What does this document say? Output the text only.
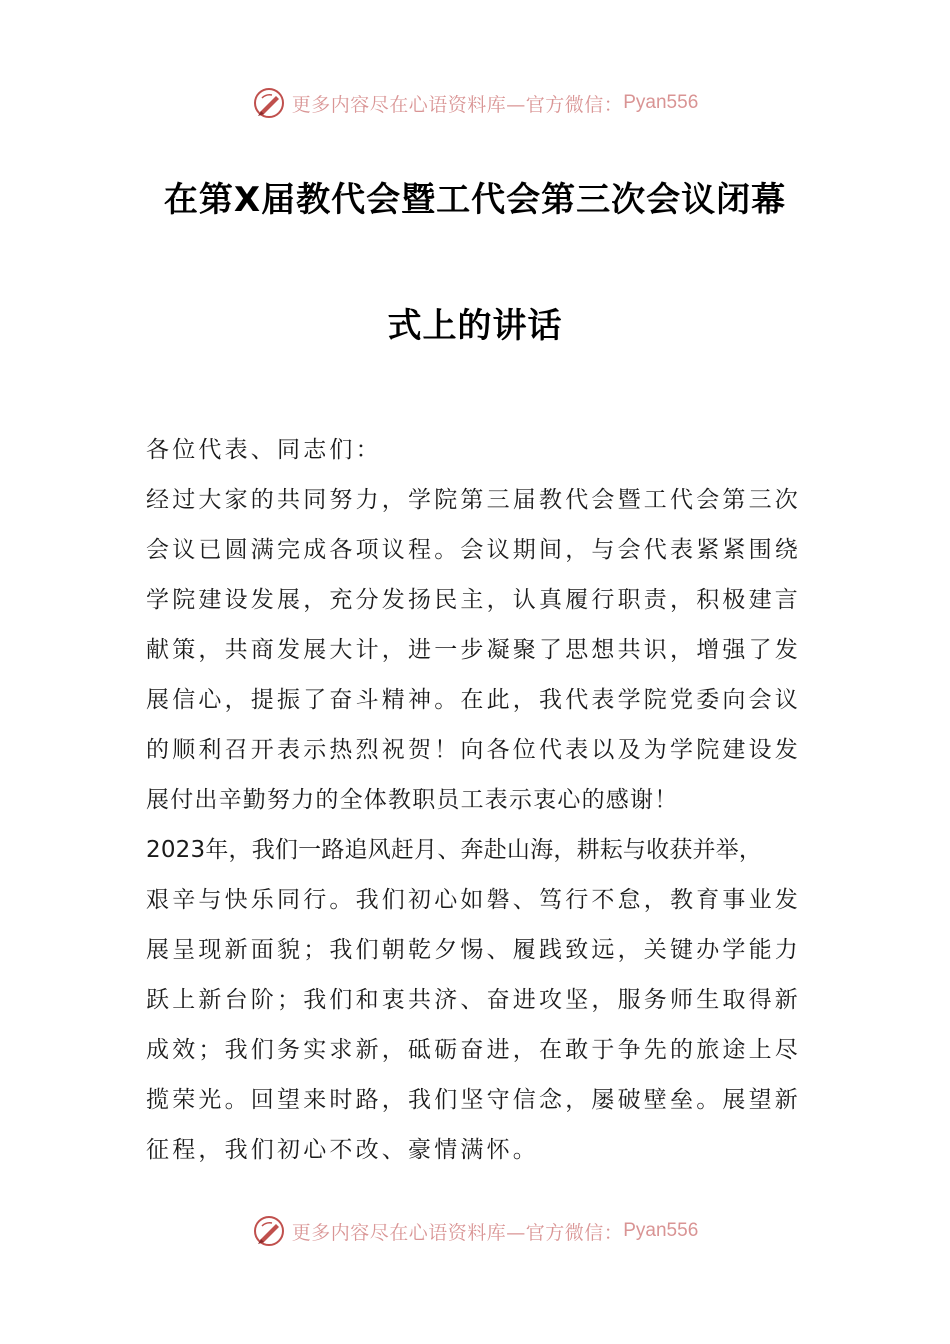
更多内容尽在心语资料库—官方微信： Pyan556
在第X届教代会暨工代会第三次会议闭幕
式上的讲话
各位代表、同志们：
经过大家的共同努力，学院第三届教代会暨工代会第三次
会议已圆满完成各项议程。会议期间，与会代表紧紧围绕
学院建设发展，充分发扬民主，认真履行职责，积极建言
献策，共商发展大计，进一步凝聚了思想共识，增强了发
展信心，提振了奋斗精神。在此，我代表学院党委向会议
的顺利召开表示热烈祝贺！向各位代表以及为学院建设发
展付出辛勤努力的全体教职员工表示衷心的感谢！
2023年，我们一路追风赶月、奔赴山海，耕耘与收获并举，
艰辛与快乐同行。我们初心如磐、笃行不怠，教育事业发
展呈现新面貌；我们朝乾夕惕、履践致远，关键办学能力
跃上新台阶；我们和衷共济、奋进攻坚，服务师生取得新
成效；我们务实求新，砥砺奋进，在敢于争先的旅途上尽
揽荣光。回望来时路，我们坚守信念，屡破壁垒。展望新
征程，我们初心不改、豪情满怀。
更多内容尽在心语资料库—官方微信： Pyan556
